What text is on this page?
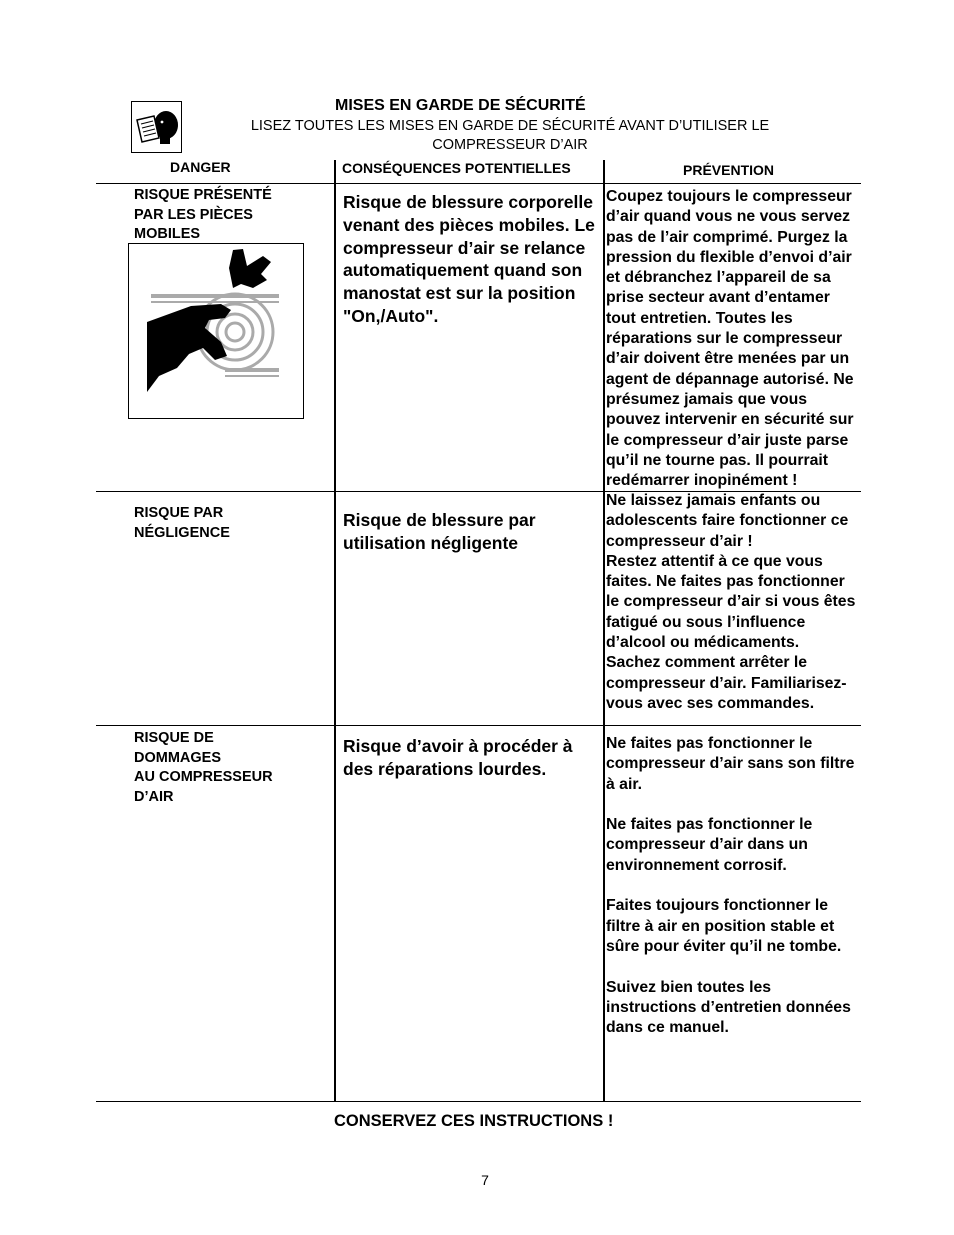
MISES EN GARDE DE SÉCURITÉ
LISEZ TOUTES LES MISES EN GARDE DE SÉCURITÉ AVANT D’UTILISER LE
COMPRESSEUR D’AIR
DANGER	CONSÉQUENCES POTENTIELLES	PRÉVENTION
RISQUE PRÉSENTÉ
PAR LES PIÈCES
MOBILES
Risque de blessure corporelle venant des pièces mobiles. Le compresseur d’air se relance automatiquement quand son manostat est sur la position "On,/Auto".
Coupez toujours le compresseur
d’air quand vous ne vous servez
pas de l’air comprimé. Purgez la
pression du flexible d’envoi d’air
et débranchez l’appareil de sa
prise secteur avant d’entamer
tout entretien. Toutes les
réparations sur le compresseur
d’air doivent être menées par un
agent de dépannage autorisé. Ne
présumez jamais que vous
pouvez intervenir en sécurité sur
le compresseur d’air juste parse
qu’il ne tourne pas. Il pourrait
redémarrer inopinément !
RISQUE PAR
NÉGLIGENCE
Risque de blessure par utilisation négligente
Ne laissez jamais enfants ou
adolescents faire fonctionner ce
compresseur d’air !
Restez attentif à ce que vous
faites. Ne faites pas fonctionner
le compresseur d’air si vous êtes
fatigué ou sous l’influence
d’alcool ou médicaments.
Sachez comment arrêter le
compresseur d’air. Familiarisez-
vous avec ses commandes.
RISQUE DE
DOMMAGES
AU COMPRESSEUR
D’AIR
Risque d’avoir à procéder à des réparations lourdes.
Ne faites pas fonctionner le
compresseur d’air sans son filtre
à air.

Ne faites pas fonctionner le
compresseur d’air dans un
environnement corrosif.

Faites toujours fonctionner le
filtre à air en position stable et
sûre pour éviter qu’il ne tombe.

Suivez bien toutes les
instructions d’entretien données
dans ce manuel.
CONSERVEZ CES INSTRUCTIONS !
7
